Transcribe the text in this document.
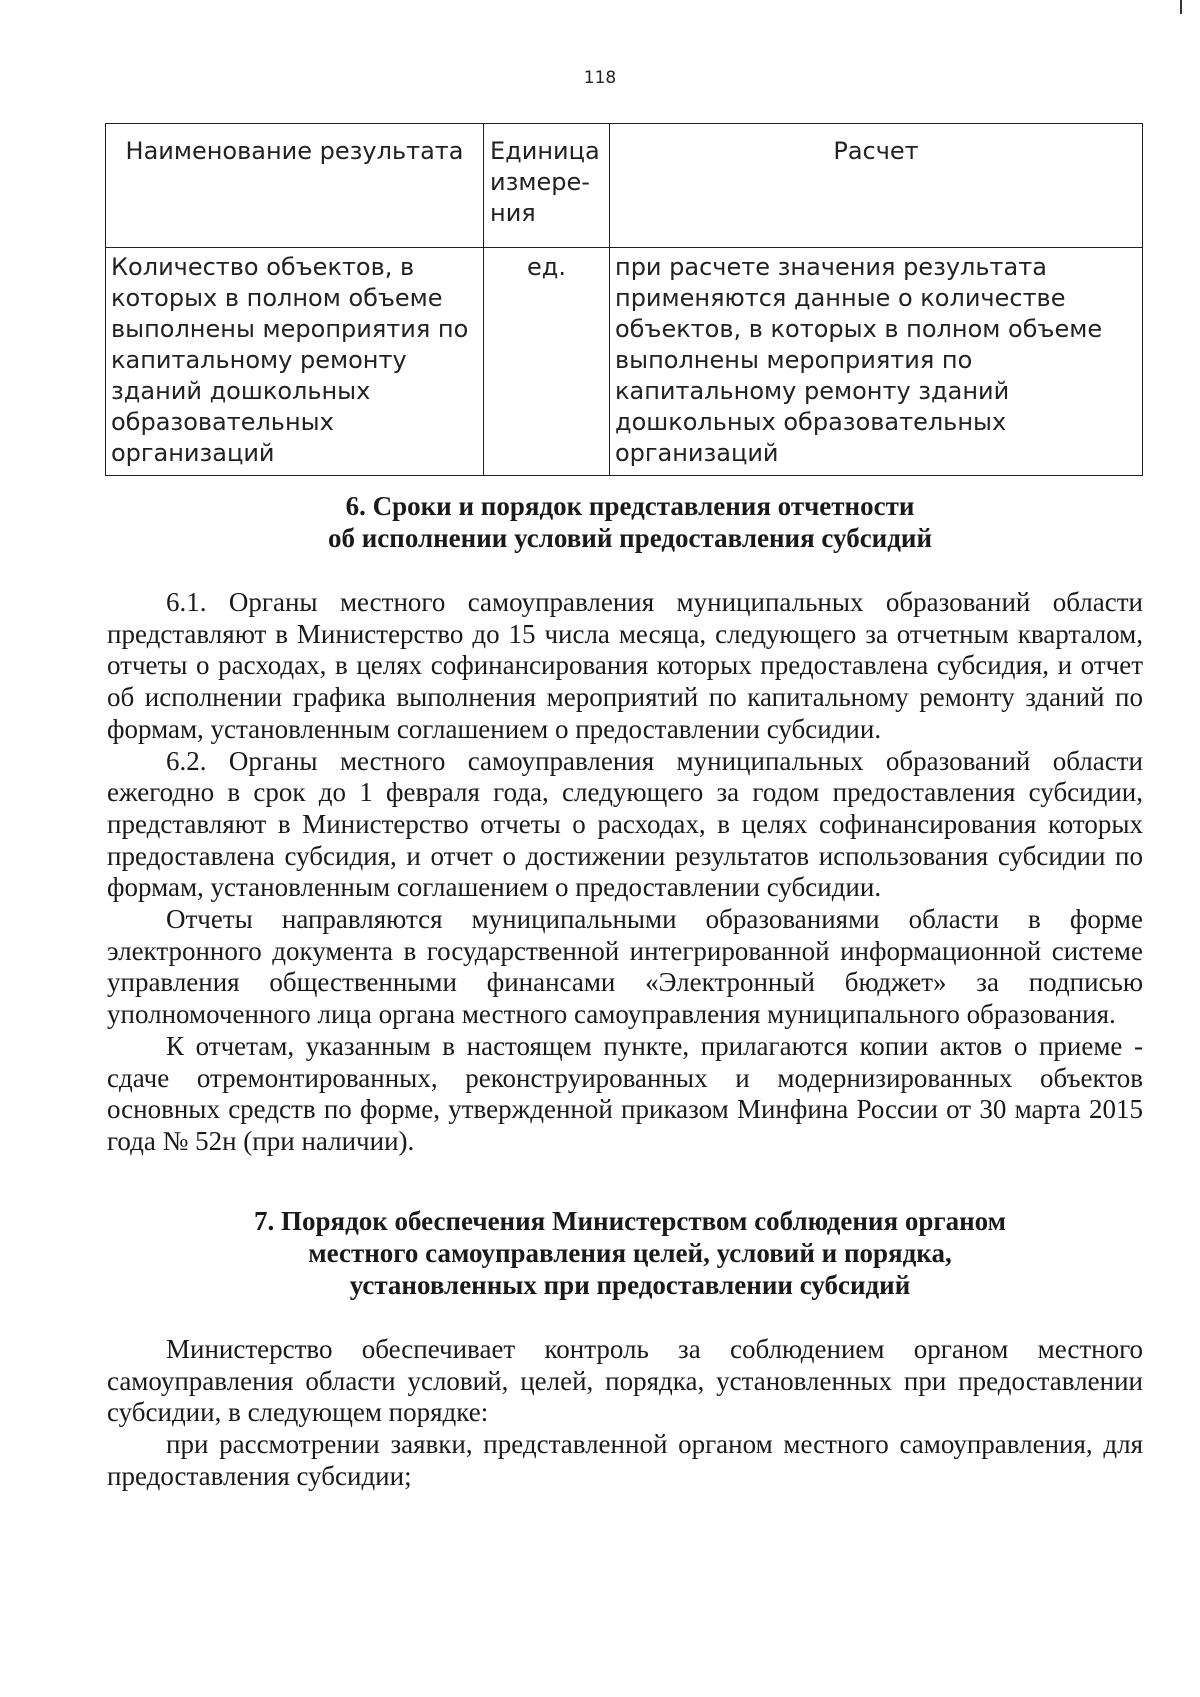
118
Наименование результата	Единица измере-ния	Расчет
Количество объектов, в которых в полном объеме выполнены мероприятия по капитальному ремонту зданий дошкольных образовательных организаций	ед.	при расчете значения результата применяются данные о количестве объектов, в которых в полном объеме выполнены мероприятия по капитальному ремонту зданий дошкольных образовательных организаций
6. Сроки и порядок представления отчетности
об исполнении условий предоставления субсидий

6.1. Органы местного самоуправления муниципальных образований области представляют в Министерство до 15 числа месяца, следующего за отчетным кварталом, отчеты о расходах, в целях софинансирования которых предоставлена субсидия, и отчет об исполнении графика выполнения мероприятий по капитальному ремонту зданий по формам, установленным соглашением о предоставлении субсидии.

6.2. Органы местного самоуправления муниципальных образований области ежегодно в срок до 1 февраля года, следующего за годом предоставления субсидии, представляют в Министерство отчеты о расходах, в целях софинансирования которых предоставлена субсидия, и отчет о достижении результатов использования субсидии по формам, установленным соглашением о предоставлении субсидии.

Отчеты направляются муниципальными образованиями области в форме электронного документа в государственной интегрированной информационной системе управления общественными финансами «Электронный бюджет» за подписью уполномоченного лица органа местного самоуправления муниципального образования.

К отчетам, указанным в настоящем пункте, прилагаются копии актов о приеме - сдаче отремонтированных, реконструированных и модернизированных объектов основных средств по форме, утвержденной приказом Минфина России от 30 марта 2015 года № 52н (при наличии).

7. Порядок обеспечения Министерством соблюдения органом
местного самоуправления целей, условий и порядка,
установленных при предоставлении субсидий

Министерство обеспечивает контроль за соблюдением органом местного самоуправления области условий, целей, порядка, установленных при предоставлении субсидии, в следующем порядке:

при рассмотрении заявки, представленной органом местного самоуправления, для предоставления субсидии;
